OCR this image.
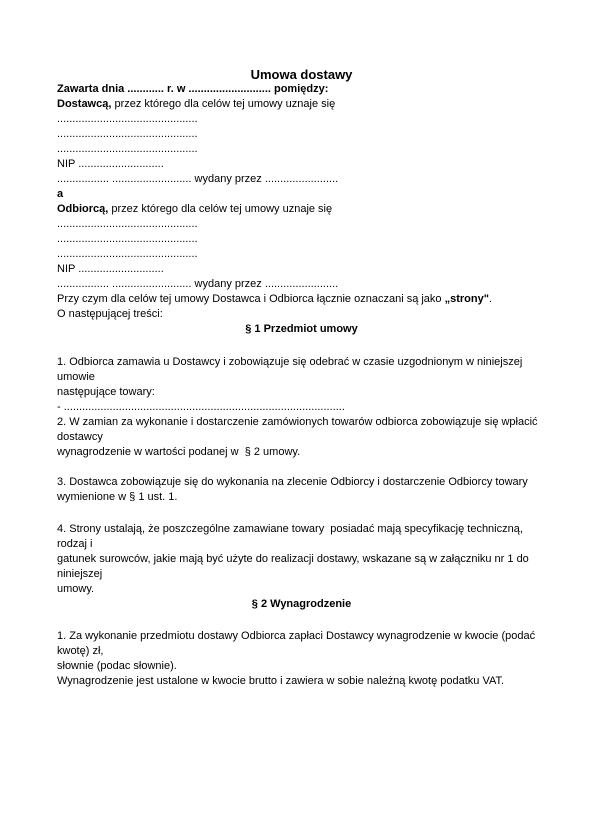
Umowa dostawy

Zawarta dnia ............ r. w ........................... pomiędzy:

Dostawcą, przez którego dla celów tej umowy uznaje się

..............................................

..............................................

..............................................

NIP ............................

................. .......................... wydany przez ........................

a

Odbiorcą, przez którego dla celów tej umowy uznaje się

..............................................

..............................................

..............................................

NIP ............................

................. .......................... wydany przez ........................

Przy czym dla celów tej umowy Dostawca i Odbiorca łącznie oznaczani są jako „strony".

O następującej treści:

§ 1 Przedmiot umowy

1. Odbiorca zamawia u Dostawcy i zobowiązuje się odebrać w czasie uzgodnionym w niniejszej umowie

następujące towary:

- ............................................................................................

2. W zamian za wykonanie i dostarczenie zamówionych towarów odbiorca zobowiązuje się wpłacić dostawcy

wynagrodzenie w wartości podanej w  § 2 umowy.

3. Dostawca zobowiązuje się do wykonania na zlecenie Odbiorcy i dostarczenie Odbiorcy towary

wymienione w § 1 ust. 1.

4. Strony ustalają, że poszczególne zamawiane towary  posiadać mają specyfikację techniczną, rodzaj i

gatunek surowców, jakie mają być użyte do realizacji dostawy, wskazane są w załączniku nr 1 do niniejszej

umowy.

§ 2 Wynagrodzenie

1. Za wykonanie przedmiotu dostawy Odbiorca zapłaci Dostawcy wynagrodzenie w kwocie (podać kwotę) zł,

słownie (podac słownie).

Wynagrodzenie jest ustalone w kwocie brutto i zawiera w sobie należną kwotę podatku VAT.
